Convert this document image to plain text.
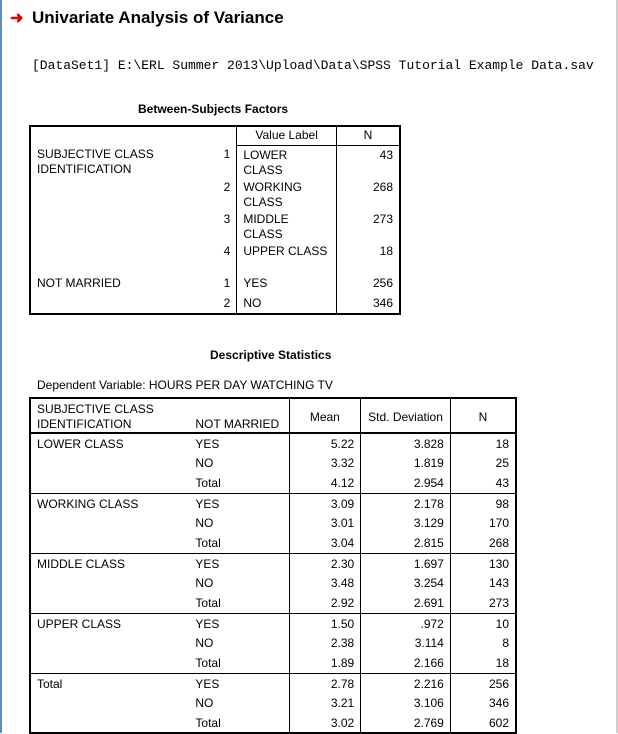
➜ Univariate Analysis of Variance
[DataSet1] E:\ERL Summer 2013\Upload\Data\SPSS Tutorial Example Data.sav
Between-Subjects Factors
		Value Label	N
SUBJECTIVE CLASS IDENTIFICATION	1	LOWER CLASS	43
	2	WORKING CLASS	268
	3	MIDDLE CLASS	273
	4	UPPER CLASS	18
NOT MARRIED	1	YES	256
	2	NO	346
Descriptive Statistics
Dependent Variable: HOURS PER DAY WATCHING TV
SUBJECTIVE CLASS IDENTIFICATION	NOT MARRIED	Mean	Std. Deviation	N
LOWER CLASS	YES	5.22	3.828	18
	NO	3.32	1.819	25
	Total	4.12	2.954	43
WORKING CLASS	YES	3.09	2.178	98
	NO	3.01	3.129	170
	Total	3.04	2.815	268
MIDDLE CLASS	YES	2.30	1.697	130
	NO	3.48	3.254	143
	Total	2.92	2.691	273
UPPER CLASS	YES	1.50	.972	10
	NO	2.38	3.114	8
	Total	1.89	2.166	18
Total	YES	2.78	2.216	256
	NO	3.21	3.106	346
	Total	3.02	2.769	602
